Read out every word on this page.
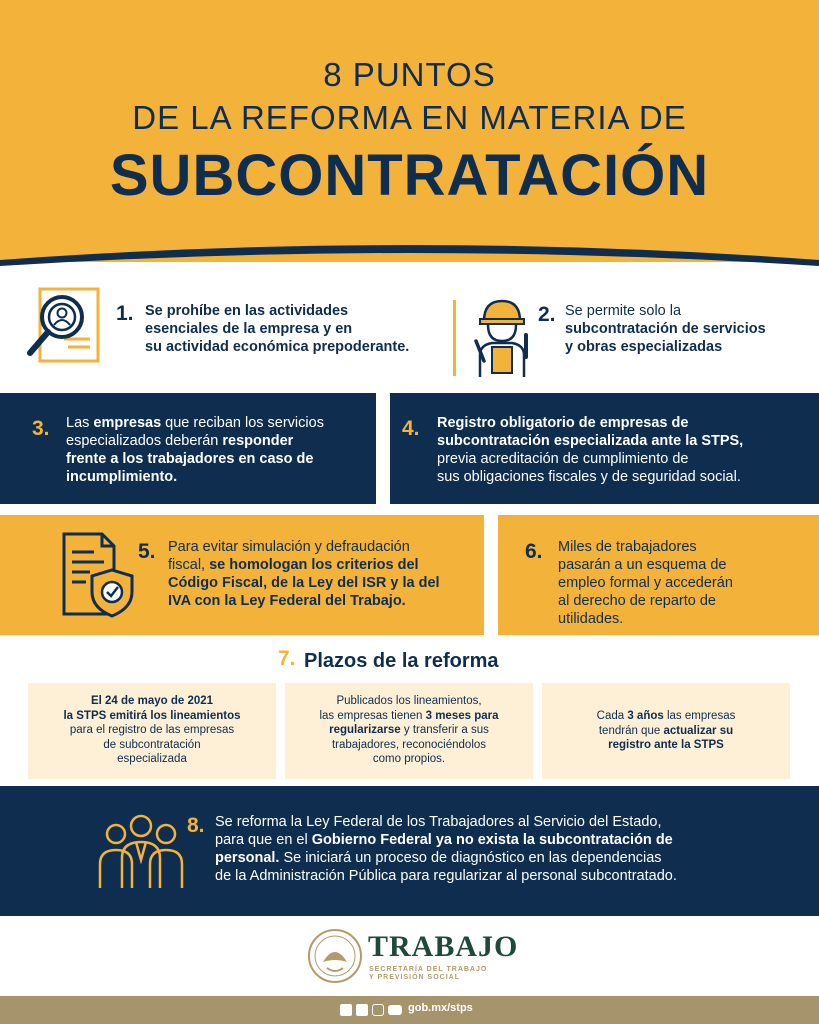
8 PUNTOS
DE LA REFORMA EN MATERIA DE
SUBCONTRATACIÓN
1. Se prohíbe en las actividades
esenciales de la empresa y en
su actividad económica prepoderante.
2. Se permite solo la
subcontratación de servicios
y obras especializadas
3. Las empresas que reciban los servicios
especializados deberán responder
frente a los trabajadores en caso de
incumplimiento.
4. Registro obligatorio de empresas de
subcontratación especializada ante la STPS,
previa acreditación de cumplimiento de
sus obligaciones fiscales y de seguridad social.
5. Para evitar simulación y defraudación
fiscal, se homologan los criterios del
Código Fiscal, de la Ley del ISR y la del
IVA con la Ley Federal del Trabajo.
6. Miles de trabajadores
pasarán a un esquema de
empleo formal y accederán
al derecho de reparto de
utilidades.
7. Plazos de la reforma
El 24 de mayo de 2021
la STPS emitirá los lineamientos
para el registro de las empresas
de subcontratación
especializada
Publicados los lineamientos,
las empresas tienen 3 meses para
regularizarse y transferir a sus
trabajadores, reconociéndolos
como propios.
Cada 3 años las empresas
tendrán que actualizar su
registro ante la STPS
8. Se reforma la Ley Federal de los Trabajadores al Servicio del Estado,
para que en el Gobierno Federal ya no exista la subcontratación de
personal. Se iniciará un proceso de diagnóstico en las dependencias
de la Administración Pública para regularizar al personal subcontratado.
TRABAJO
SECRETARÍA DEL TRABAJO
Y PREVISIÓN SOCIAL
gob.mx/stps
